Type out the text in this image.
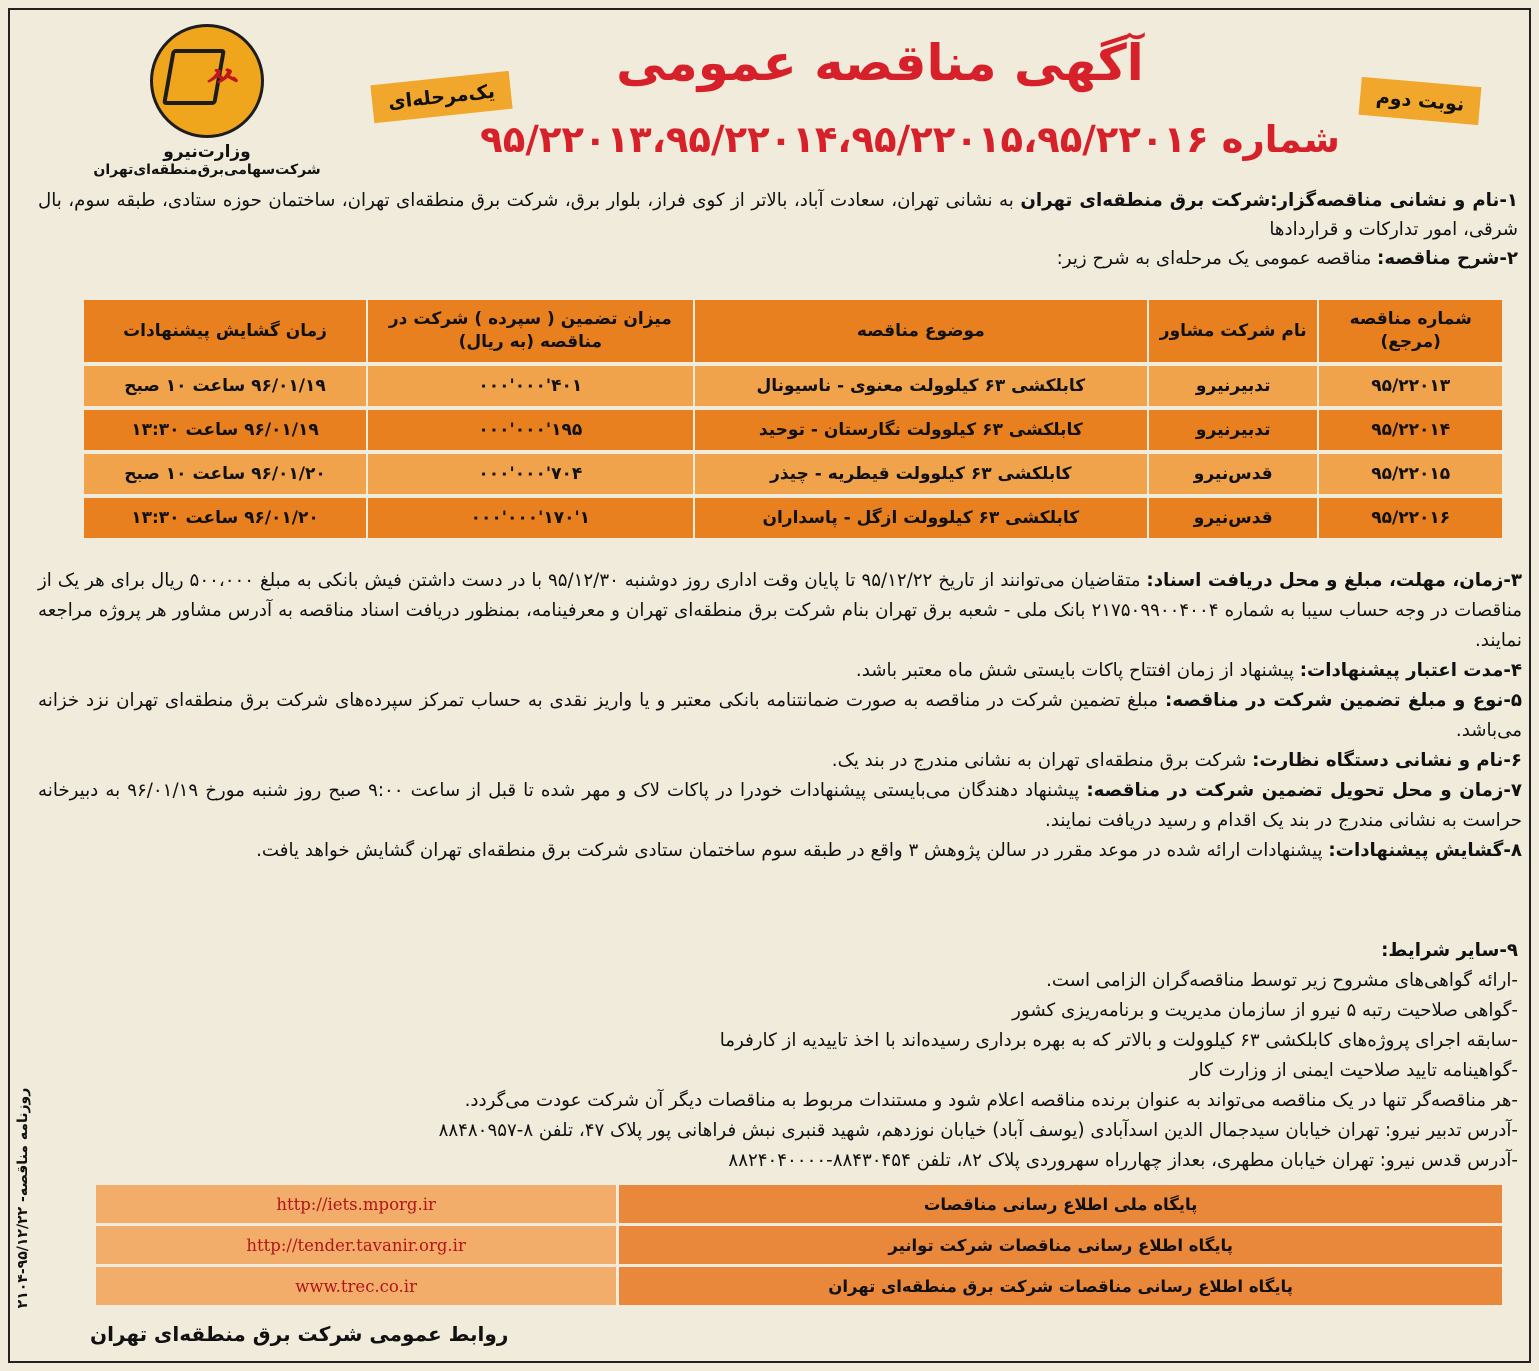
ᄊ
وزارت‌نیرو
شرکت‌سهامی‌برق‌منطقه‌ای‌تهران
یک‌مرحله‌ای
آگهی مناقصه عمومی
نوبت دوم
شماره ۹۵/۲۲۰۱۳،۹۵/۲۲۰۱۴،۹۵/۲۲۰۱۵،۹۵/۲۲۰۱۶

۱-نام و نشانی مناقصه‌گزار:شرکت برق منطقه‌ای تهران به نشانی تهران، سعادت آباد، بالاتر از کوی فراز، بلوار برق، شرکت برق منطقه‌ای تهران، ساختمان حوزه ستادی، طبقه سوم، بال شرقی، امور تدارکات و قراردادها

۲-شرح مناقصه: مناقصه عمومی یک مرحله‌ای به شرح زیر:

شماره مناقصه (مرجع)	نام شرکت مشاور	موضوع مناقصه	میزان تضمین ( سپرده ) شرکت در مناقصه (به ریال)	زمان گشایش پیشنهادات
۹۵/۲۲۰۱۳	تدبیرنیرو	کابلکشی ۶۳ کیلوولت معنوی - ناسیونال	۴۰۱'۰۰۰'۰۰۰	۹۶/۰۱/۱۹ ساعت ۱۰ صبح
۹۵/۲۲۰۱۴	تدبیرنیرو	کابلکشی ۶۳ کیلوولت نگارستان - توحید	۱۹۵'۰۰۰'۰۰۰	۹۶/۰۱/۱۹ ساعت ۱۳:۳۰
۹۵/۲۲۰۱۵	قدس‌نیرو	کابلکشی ۶۳ کیلوولت قیطریه - چیذر	۷۰۴'۰۰۰'۰۰۰	۹۶/۰۱/۲۰ ساعت ۱۰ صبح
۹۵/۲۲۰۱۶	قدس‌نیرو	کابلکشی ۶۳ کیلوولت ازگل - پاسداران	۱'۱۷۰'۰۰۰'۰۰۰	۹۶/۰۱/۲۰ ساعت ۱۳:۳۰

۳-زمان، مهلت، مبلغ و محل دریافت اسناد: متقاضیان می‌توانند از تاریخ ۹۵/۱۲/۲۲ تا پایان وقت اداری روز دوشنبه ۹۵/۱۲/۳۰ با در دست داشتن فیش بانکی به مبلغ ۵۰۰،۰۰۰ ریال برای هر یک از مناقصات در وجه حساب سیبا به شماره ۲۱۷۵۰۹۹۰۰۴۰۰۴ بانک ملی - شعبه برق تهران بنام شرکت برق منطقه‌ای تهران و معرفینامه، بمنظور دریافت اسناد مناقصه به آدرس مشاور هر پروژه مراجعه نمایند.

۴-مدت اعتبار پیشنهادات: پیشنهاد از زمان افتتاح پاکات بایستی شش ماه معتبر باشد.

۵-نوع و مبلغ تضمین شرکت در مناقصه: مبلغ تضمین شرکت در مناقصه به صورت ضمانتنامه بانکی معتبر و یا واریز نقدی به حساب تمرکز سپرده‌های شرکت برق منطقه‌ای تهران نزد خزانه می‌باشد.

۶-نام و نشانی دستگاه نظارت: شرکت برق منطقه‌ای تهران به نشانی مندرج در بند یک.

۷-زمان و محل تحویل تضمین شرکت در مناقصه: پیشنهاد دهندگان می‌بایستی پیشنهادات خودرا در پاکات لاک و مهر شده تا قبل از ساعت ۹:۰۰ صبح روز شنبه مورخ ۹۶/۰۱/۱۹ به دبیرخانه حراست به نشانی مندرج در بند یک اقدام و رسید دریافت نمایند.

۸-گشایش پیشنهادات: پیشنهادات ارائه شده در موعد مقرر در سالن پژوهش ۳ واقع در طبقه سوم ساختمان ستادی شرکت برق منطقه‌ای تهران گشایش خواهد یافت.

۹-سایر شرایط:

-ارائه گواهی‌های مشروح زیر توسط مناقصه‌گران الزامی است.

-گواهی صلاحیت رتبه ۵ نیرو از سازمان مدیریت و برنامه‌ریزی کشور

-سابقه اجرای پروژه‌های کابلکشی ۶۳ کیلوولت و بالاتر که به بهره برداری رسیده‌اند با اخذ تاییدیه از کارفرما

-گواهینامه تایید صلاحیت ایمنی از وزارت کار

-هر مناقصه‌گر تنها در یک مناقصه می‌تواند به عنوان برنده مناقصه اعلام شود و مستندات مربوط به مناقصات دیگر آن شرکت عودت می‌گردد.

-آدرس تدبیر نیرو: تهران خیابان سیدجمال الدین اسدآبادی (یوسف آباد) خیابان نوزدهم، شهید قنبری نبش فراهانی پور پلاک ۴۷، تلفن ۸-۸۸۴۸۰۹۵۷

-آدرس قدس نیرو: تهران خیابان مطهری، بعداز چهارراه سهروردی پلاک ۸۲، تلفن ۸۸۴۳۰۴۵۴-۸۸۲۴۰۴۰۰۰۰

پایگاه ملی اطلاع رسانی مناقصات	http://iets.mporg.ir
پایگاه اطلاع رسانی مناقصات شرکت توانیر	http://tender.tavanir.org.ir
پایگاه اطلاع رسانی مناقصات شرکت برق منطقه‌ای تهران	www.trec.co.ir
روابط عمومی شرکت برق منطقه‌ای تهران
روزنامه مناقصه- ۹۵/۱۲/۲۲-۲۱۰۴
